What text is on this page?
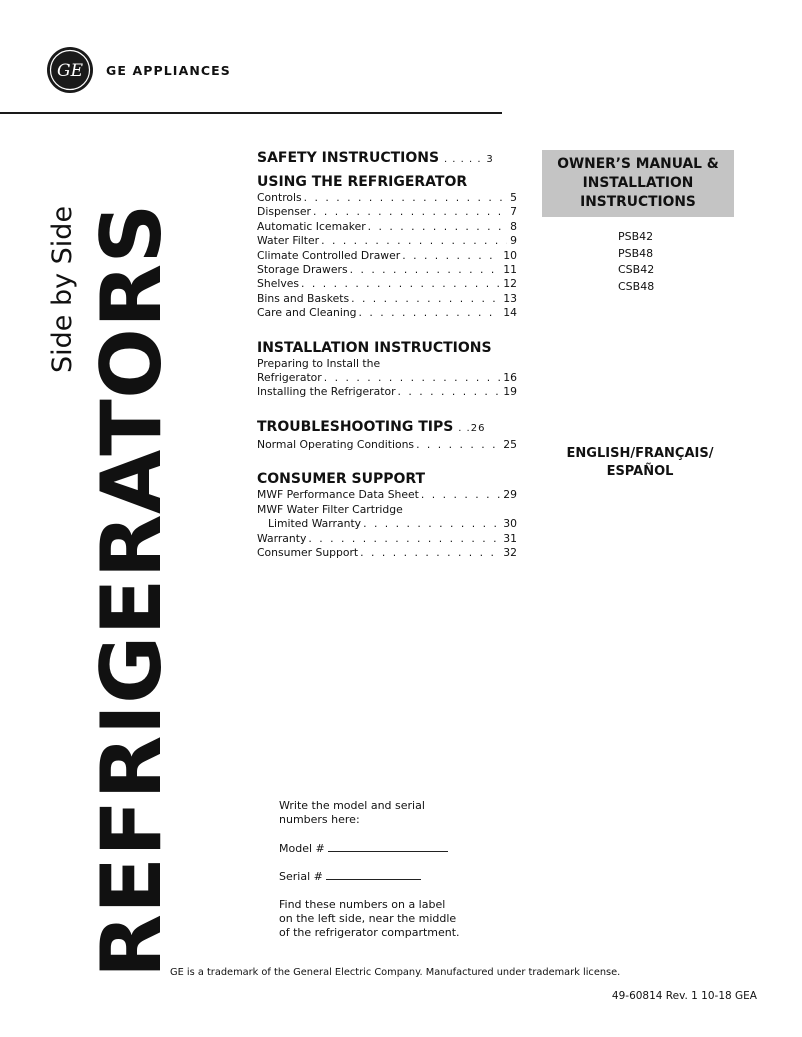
GE GE APPLIANCES
REFRIGERATORS
Side by Side
SAFETY INSTRUCTIONS . . . . . 3
USING THE REFRIGERATOR
Controls . . .	5
Dispenser . . .	7
Automatic Icemaker . . .	8
Water Filter . . .	9
Climate Controlled Drawer . . .	10
Storage Drawers . . .	11
Shelves . . .	12
Bins and Baskets . . .	13
Care and Cleaning . . .	14
INSTALLATION INSTRUCTIONS
Preparing to Install the
Refrigerator . . .	16
Installing the Refrigerator . . .	19
TROUBLESHOOTING TIPS . .26
Normal Operating Conditions . . .	25
CONSUMER SUPPORT
MWF Performance Data Sheet . . .	29
MWF Water Filter Cartridge
Limited Warranty . . .	30
Warranty . . .	31
Consumer Support . . .	32
OWNER’S MANUAL &
INSTALLATION
INSTRUCTIONS
PSB42
PSB48
CSB42
CSB48
ENGLISH/FRANÇAIS/
ESPAÑOL

Write the model and serial

numbers here:

Model #

Serial #

Find these numbers on a label

on the left side, near the middle

of the refrigerator compartment.

GE is a trademark of the General Electric Company. Manufactured under trademark license.
49-60814 Rev. 1 10-18 GEA
